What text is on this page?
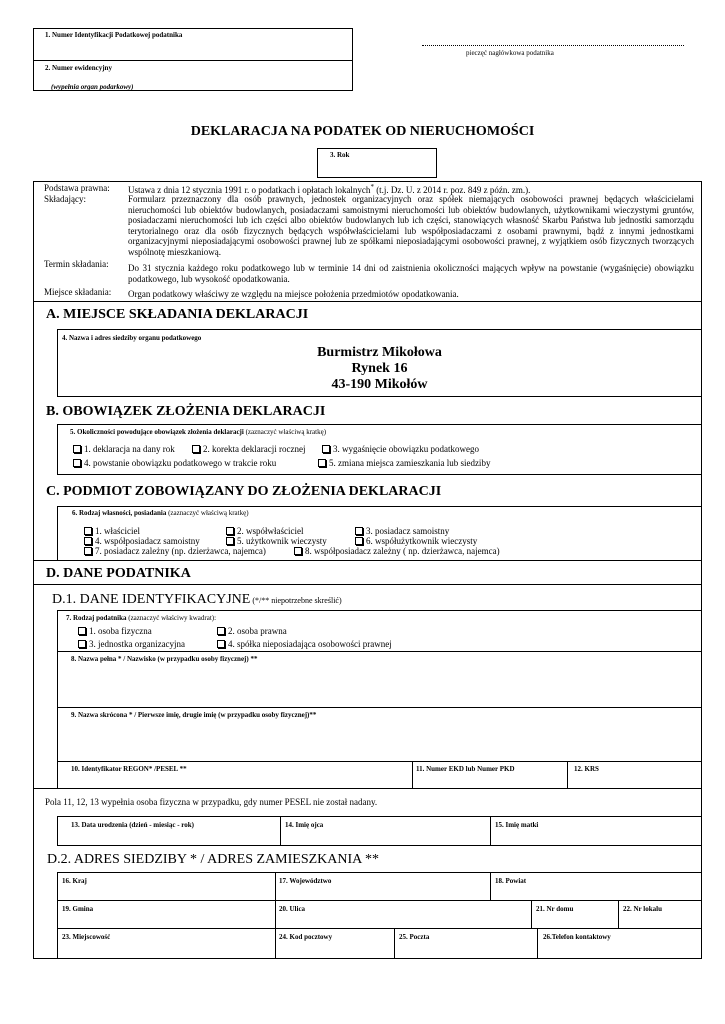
1. Numer Identyfikacji Podatkowej podatnika
2. Numer ewidencyjny
(wypełnia organ podarkowy)
pieczęć nagłówkowa podatnika
DEKLARACJA NA PODATEK OD NIERUCHOMOŚCI
3. Rok
Podstawa prawna: Ustawa z dnia 12 stycznia 1991 r. o podatkach i opłatach lokalnych* (t.j. Dz. U. z 2014 r. poz. 849 z późn. zm.).
Składający:	Formularz przeznaczony dla osób prawnych, jednostek organizacyjnych oraz spółek niemających osobowości prawnej będących właścicielami nieruchomości lub obiektów budowlanych, posiadaczami samoistnymi nieruchomości lub obiektów budowlanych, użytkownikami wieczystymi gruntów, posiadaczami nieruchomości lub ich części albo obiektów budowlanych lub ich części, stanowiących własność Skarbu Państwa lub jednostki samorządu terytorialnego oraz dla osób fizycznych będących współwłaścicielami lub współposiadaczami z osobami prawnymi, bądź z innymi jednostkami organizacyjnymi nieposiadającymi osobowości prawnej lub ze spółkami nieposiadającymi osobowości prawnej, z wyjątkiem osób fizycznych tworzących wspólnotę mieszkaniową.
Termin składania: Do 31 stycznia każdego roku podatkowego lub w terminie 14 dni od zaistnienia okoliczności mających wpływ na powstanie (wygaśnięcie) obowiązku podatkowego, lub wysokość opodatkowania.
Miejsce składania: Organ podatkowy właściwy ze względu na miejsce położenia przedmiotów opodatkowania.
A. MIEJSCE SKŁADANIA DEKLARACJI
4. Nazwa i adres siedziby organu podatkowego
Burmistrz Mikołowa
Rynek 16
43-190 Mikołów
B. OBOWIĄZEK ZŁOŻENIA DEKLARACJI
5. Okoliczności powodujące obowiązek złożenia deklaracji (zaznaczyć właściwą kratkę)
1. deklaracja na dany rok	2. korekta deklaracji rocznej	3. wygaśnięcie obowiązku podatkowego
4. powstanie obowiązku podatkowego w trakcie roku	5. zmiana miejsca zamieszkania lub siedziby
C. PODMIOT ZOBOWIĄZANY DO ZŁOŻENIA DEKLARACJI
6. Rodzaj własności, posiadania (zaznaczyć właściwą kratkę)
1. właściciel	2. współwłaściciel	3. posiadacz samoistny
4. współposiadacz samoistny	5. użytkownik wieczysty	6. współużytkownik wieczysty
7. posiadacz zależny (np. dzierżawca, najemca)	8. współposiadacz zależny ( np. dzierżawca, najemca)
D. DANE PODATNIKA
D.1. DANE IDENTYFIKACYJNE (*/** niepotrzebne skreślić)
7. Rodzaj podatnika (zaznaczyć właściwy kwadrat):
1. osoba fizyczna	2. osoba prawna
3. jednostka organizacyjna	4. spółka nieposiadająca osobowości prawnej
8. Nazwa pełna * / Nazwisko (w przypadku osoby fizycznej) **
9. Nazwa skrócona * / Pierwsze imię, drugie imię (w przypadku osoby fizycznej)**
10. Identyfikator REGON* /PESEL **	11. Numer EKD lub Numer PKD	12. KRS
Pola 11, 12, 13 wypełnia osoba fizyczna w przypadku, gdy numer PESEL nie został nadany.
13. Data urodzenia (dzień - miesiąc - rok)	14. Imię ojca	15. Imię matki
D.2. ADRES SIEDZIBY * / ADRES ZAMIESZKANIA **
16. Kraj	17. Województwo	18. Powiat
19. Gmina	20. Ulica	21. Nr domu	22. Nr lokalu
23. Miejscowość	24. Kod pocztowy	25. Poczta	26.Telefon kontaktowy
